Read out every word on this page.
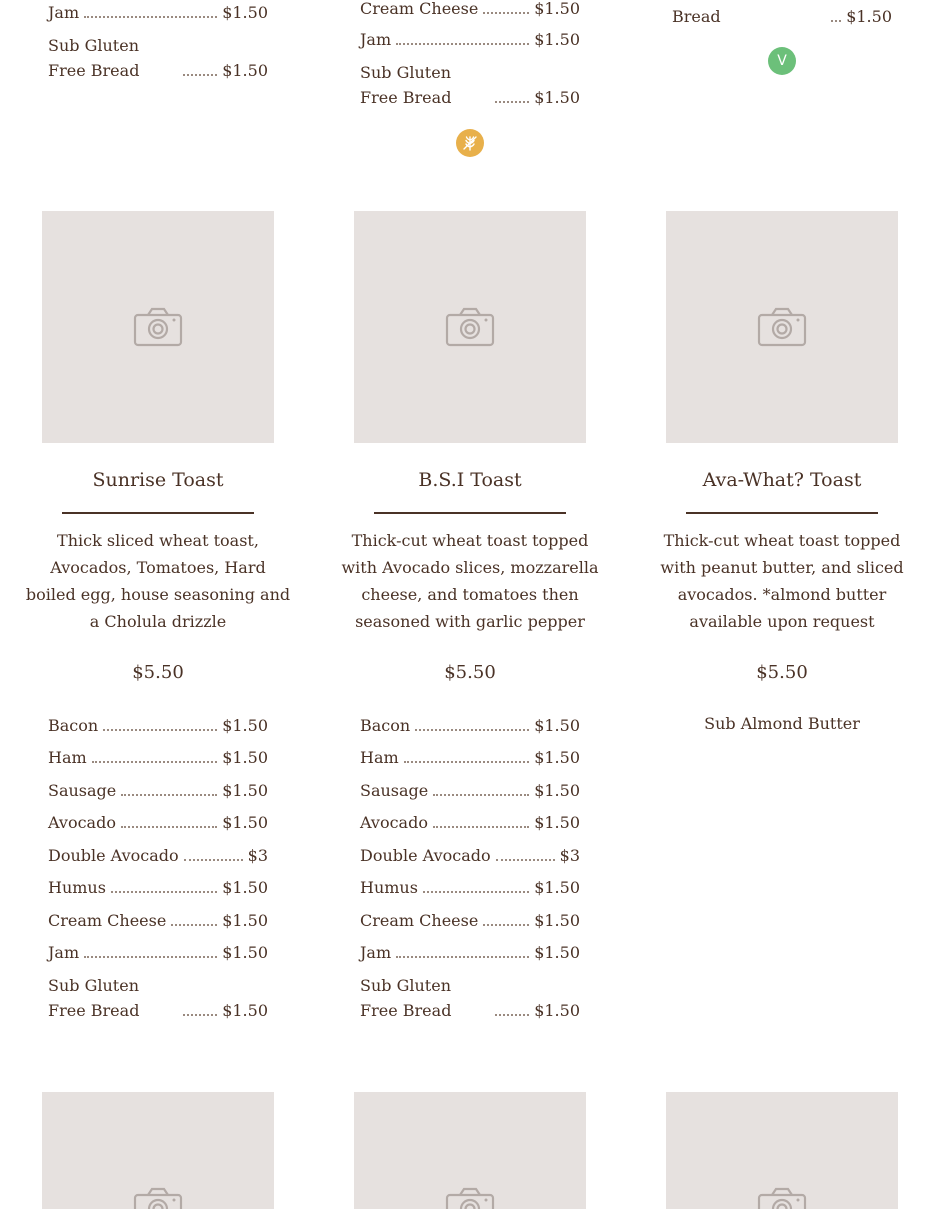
Jam	$1.50
Sub Gluten Free Bread	$1.50
Cream Cheese	$1.50
Jam	$1.50
Sub Gluten Free Bread	$1.50
Bread	$1.50
V
Sunrise Toast	B.S.I Toast	Ava-What? Toast
Thick sliced wheat toast, Avocados, Tomatoes, Hard boiled egg, house seasoning and a Cholula drizzle
Thick-cut wheat toast topped with Avocado slices, mozzarella cheese, and tomatoes then seasoned with garlic pepper
Thick-cut wheat toast topped with peanut butter, and sliced avocados. *almond butter available upon request
$5.50	$5.50	$5.50
Bacon	$1.50
Ham	$1.50
Sausage	$1.50
Avocado	$1.50
Double Avocado	$3
Humus	$1.50
Cream Cheese	$1.50
Jam	$1.50
Sub Gluten Free Bread	$1.50
Bacon	$1.50
Ham	$1.50
Sausage	$1.50
Avocado	$1.50
Double Avocado	$3
Humus	$1.50
Cream Cheese	$1.50
Jam	$1.50
Sub Gluten Free Bread	$1.50
Sub Almond Butter
